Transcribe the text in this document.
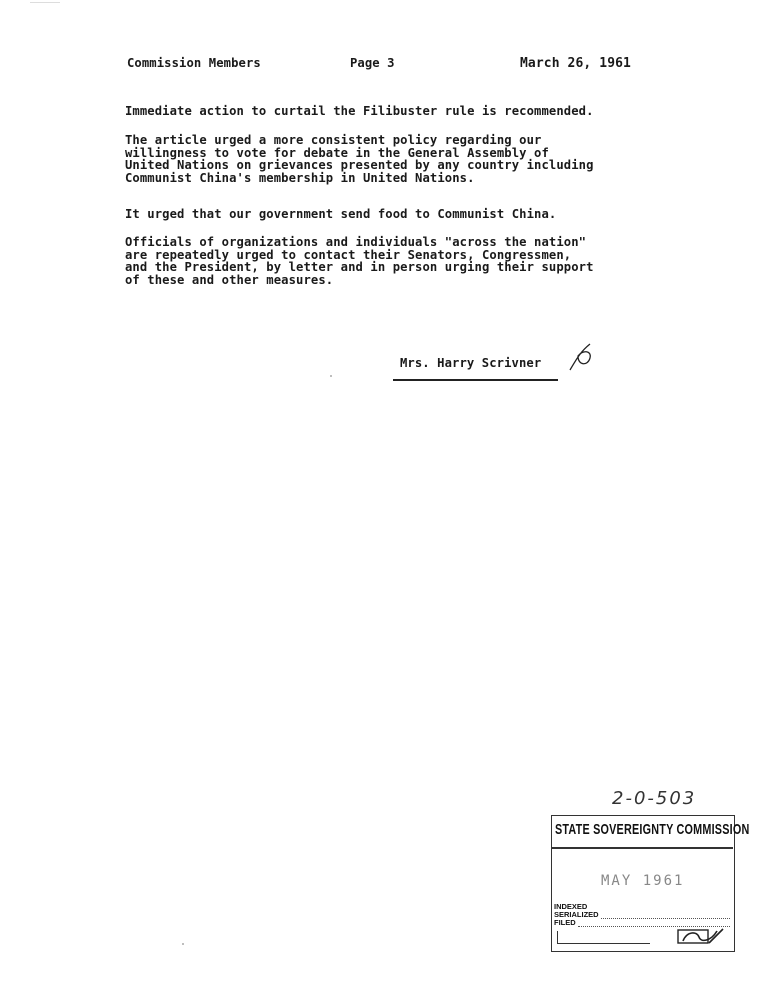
Commission Members	Page 3	March 26, 1961
Immediate action to curtail the Filibuster rule is recommended.
The article urged a more consistent policy regarding our
willingness to vote for debate in the General Assembly of
United Nations on grievances presented by any country including
Communist China's membership in United Nations.
It urged that our government send food to Communist China.
Officials of organizations and individuals "across the nation"
are repeatedly urged to contact their Senators, Congressmen,
and the President, by letter and in person urging their support
of these and other measures.
Mrs. Harry Scrivner
2-0-503
STATE SOVEREIGNTY COMMISSION
MAY 1961
INDEXED
SERIALIZED
FILED
